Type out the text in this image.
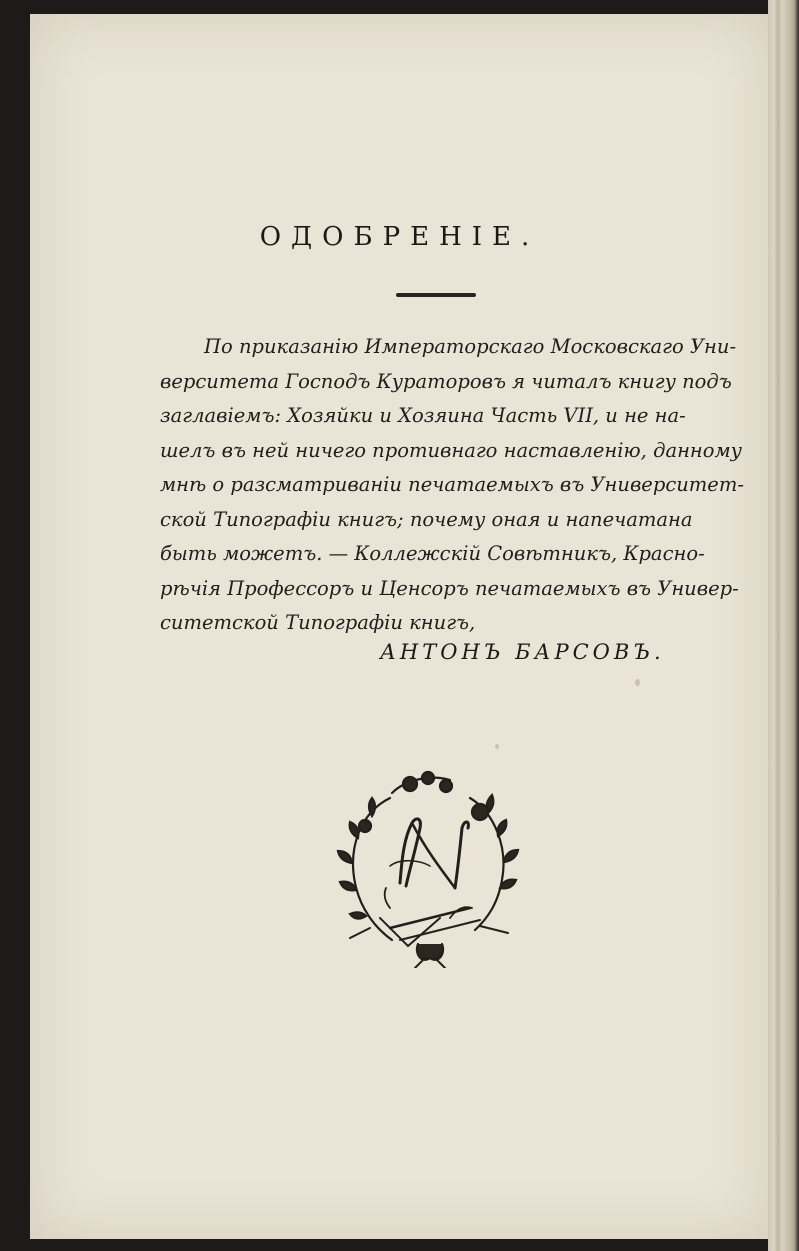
ОДОБРЕНІЕ.
По приказанію Императорскаго Московскаго Уни-
верситета Господъ Кураторовъ я читалъ книгу подъ
заглавіемъ: Хозяйки и Хозяина Часть VII, и не на-
шелъ въ ней ничего противнаго наставленію, данному
мнѣ о разсматриваніи печатаемыхъ въ Университет-
ской Типографіи книгъ; почему оная и напечатана
быть можетъ. — Коллежскій Совѣтникъ, Красно-
рѣчія Профессоръ и Ценсоръ печатаемыхъ въ Универ-
ситетской Типографіи книгъ,
АНТОНЪ БАРСОВЪ.
